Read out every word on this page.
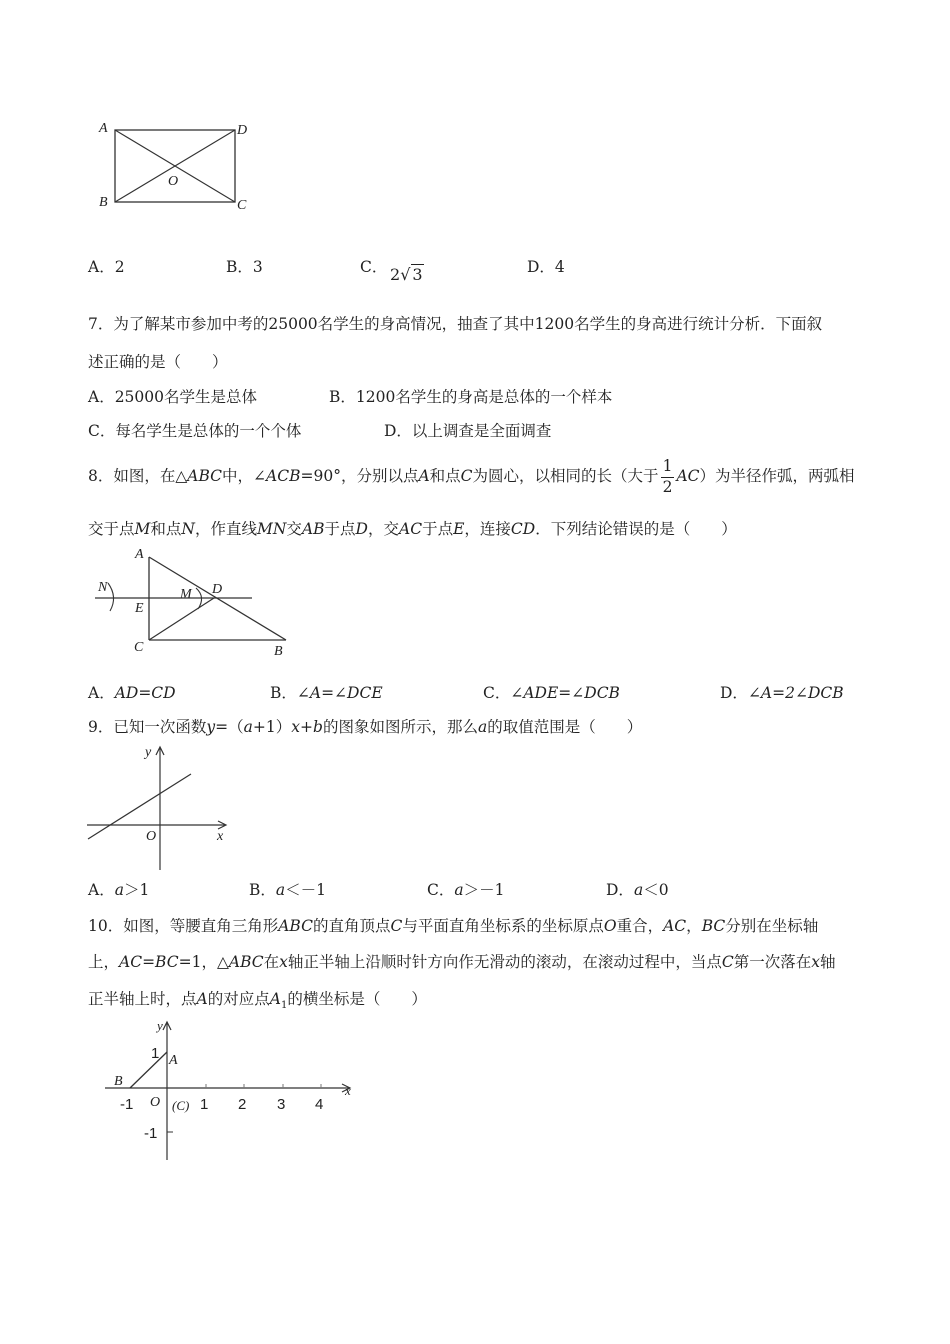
A	D
O
B	C
A．2	B．3	C． 2√ 3	D．4
7．为了解某市参加中考的25000名学生的身高情况，抽查了其中1200名学生的身高进行统计分析．下面叙
述正确的是（　　）
A．25000名学生是总体	B．1200名学生的身高是总体的一个样本
C．每名学生是总体的一个个体	D．以上调查是全面调查
8．如图，在△ABC中，∠ACB=90°，分别以点A和点C为圆心，以相同的长（大于 $\frac{1}{2} AC$）为半径作弧，两弧相
交于点M和点N，作直线MN交AB于点D，交AC于点E，连接CD．下列结论错误的是（　　）
A
N	M D
E
C	B
A．AD=CD	B．∠A=∠DCE	C．∠ADE=∠DCB	D．∠A=2∠DCB
9．已知一次函数y=（a+1）x+b的图象如图所示，那么a的取值范围是（　　）
y
x
O
A．a＞1	B．a＜－1	C．a＞－1	D．a＜0
10．如图，等腰直角三角形ABC的直角顶点C与平面直角坐标系的坐标原点O重合，AC，BC分别在坐标轴
上，AC=BC=1，△ABC在x轴正半轴上沿顺时针方向作无滑动的滚动，在滚动过程中，当点C第一次落在x轴
正半轴上时，点A的对应点$A_1$的横坐标是（　　）
y
x
1 A
B
-1 O (C) 1 2 3 4
-1
